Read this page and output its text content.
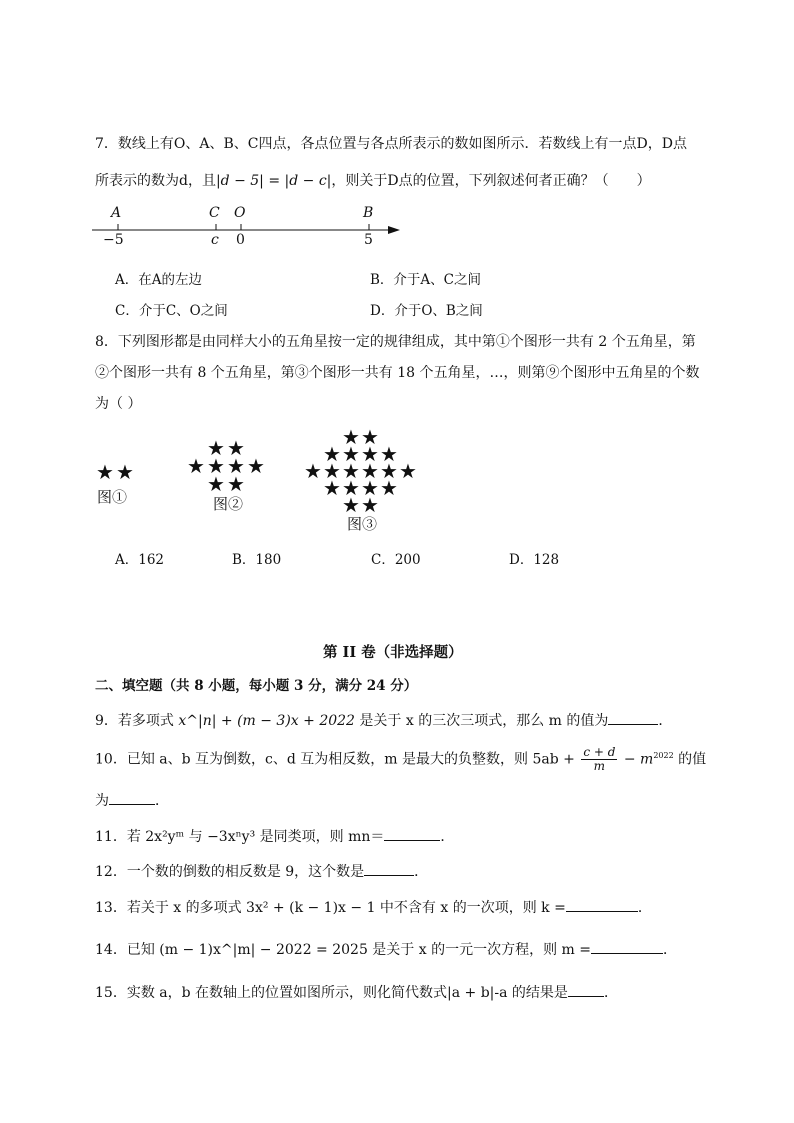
7．数线上有O、A、B、C四点，各点位置与各点所表示的数如图所示．若数线上有一点D，D点
所表示的数为d，且|d − 5| = |d − c|，则关于D点的位置，下列叙述何者正确？（　　）
A
−5
C
c
O
0
B
5
A．在A的左边	B．介于A、C之间
C．介于C、O之间	D．介于O、B之间
8．下列图形都是由同样大小的五角星按一定的规律组成，其中第①个图形一共有 2 个五角星，第
②个图形一共有 8 个五角星，第③个图形一共有 18 个五角星，…，则第⑨个图形中五角星的个数
为（ ）
★ ★
图①
★ ★
★ ★ ★ ★
★ ★
图②
★ ★
★ ★ ★ ★
★ ★ ★ ★ ★ ★
★ ★ ★ ★
★ ★
图③
A．162	B．180	C．200	D．128
第 II 卷（非选择题）
二、填空题（共 8 小题，每小题 3 分，满分 24 分）
9．若多项式 x^|n| + (m − 3)x + 2022 是关于 x 的三次三项式，那么 m 的值为	．
10．已知 a、b 互为倒数，c、d 互为相反数，m 是最大的负整数，则 $5ab + \frac{c + d}{m} - m^{2022}$ 的值
为	．
11．若 2x²yᵐ 与 −3xⁿy³ 是同类项，则 mn＝	．
12．一个数的倒数的相反数是 9，这个数是	．
13．若关于 x 的多项式 3x² + (k − 1)x − 1 中不含有 x 的一次项，则 k =	．
14．已知 (m − 1)x^|m| − 2022 = 2025 是关于 x 的一元一次方程，则 m =	．
15．实数 a，b 在数轴上的位置如图所示，则化简代数式|a + b|-a 的结果是	．
